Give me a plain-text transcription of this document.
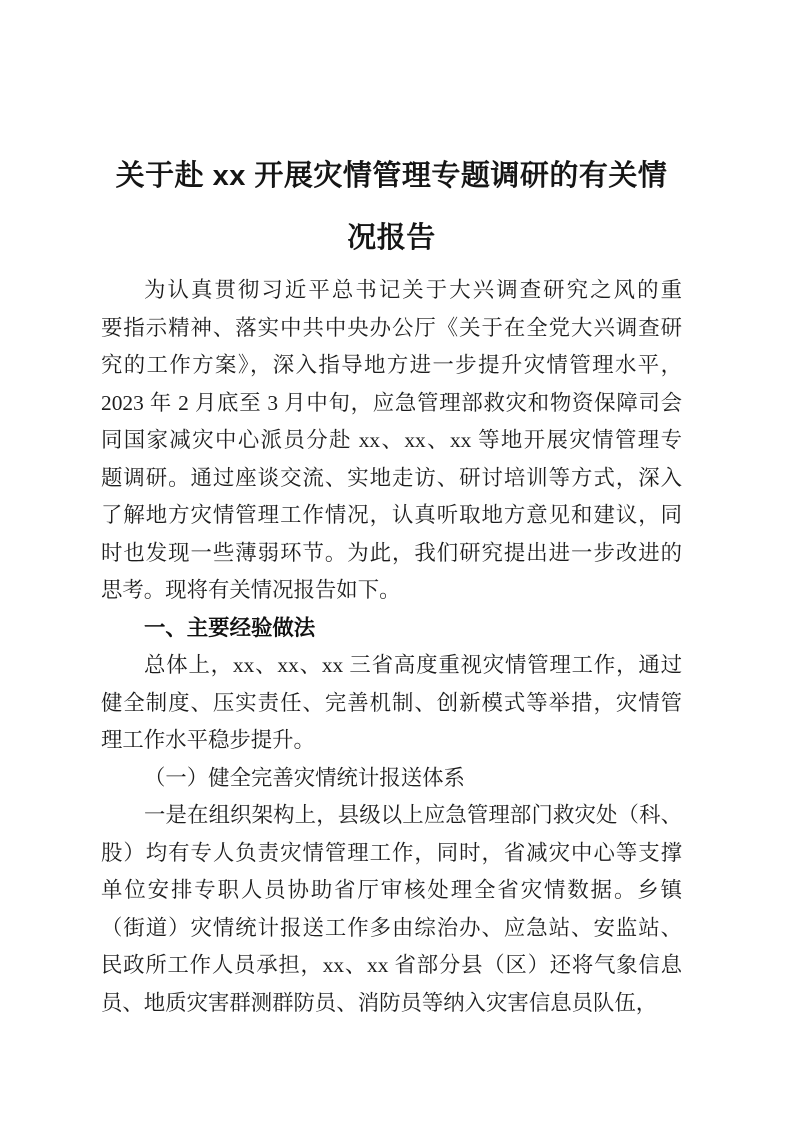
关于赴 xx 开展灾情管理专题调研的有关情
况报告
为认真贯彻习近平总书记关于大兴调查研究之风的重
要指示精神、落实中共中央办公厅《关于在全党大兴调查研
究的工作方案》，深入指导地方进一步提升灾情管理水平，
2023 年 2 月底至 3 月中旬，应急管理部救灾和物资保障司会
同国家减灾中心派员分赴 xx、xx、xx 等地开展灾情管理专
题调研。通过座谈交流、实地走访、研讨培训等方式，深入
了解地方灾情管理工作情况，认真听取地方意见和建议，同
时也发现一些薄弱环节。为此，我们研究提出进一步改进的
思考。现将有关情况报告如下。
一、主要经验做法
总体上，xx、xx、xx 三省高度重视灾情管理工作，通过
健全制度、压实责任、完善机制、创新模式等举措，灾情管
理工作水平稳步提升。
（一）健全完善灾情统计报送体系
一是在组织架构上，县级以上应急管理部门救灾处（科、
股）均有专人负责灾情管理工作，同时，省减灾中心等支撑
单位安排专职人员协助省厅审核处理全省灾情数据。乡镇
（街道）灾情统计报送工作多由综治办、应急站、安监站、
民政所工作人员承担，xx、xx 省部分县（区）还将气象信息
员、地质灾害群测群防员、消防员等纳入灾害信息员队伍，
